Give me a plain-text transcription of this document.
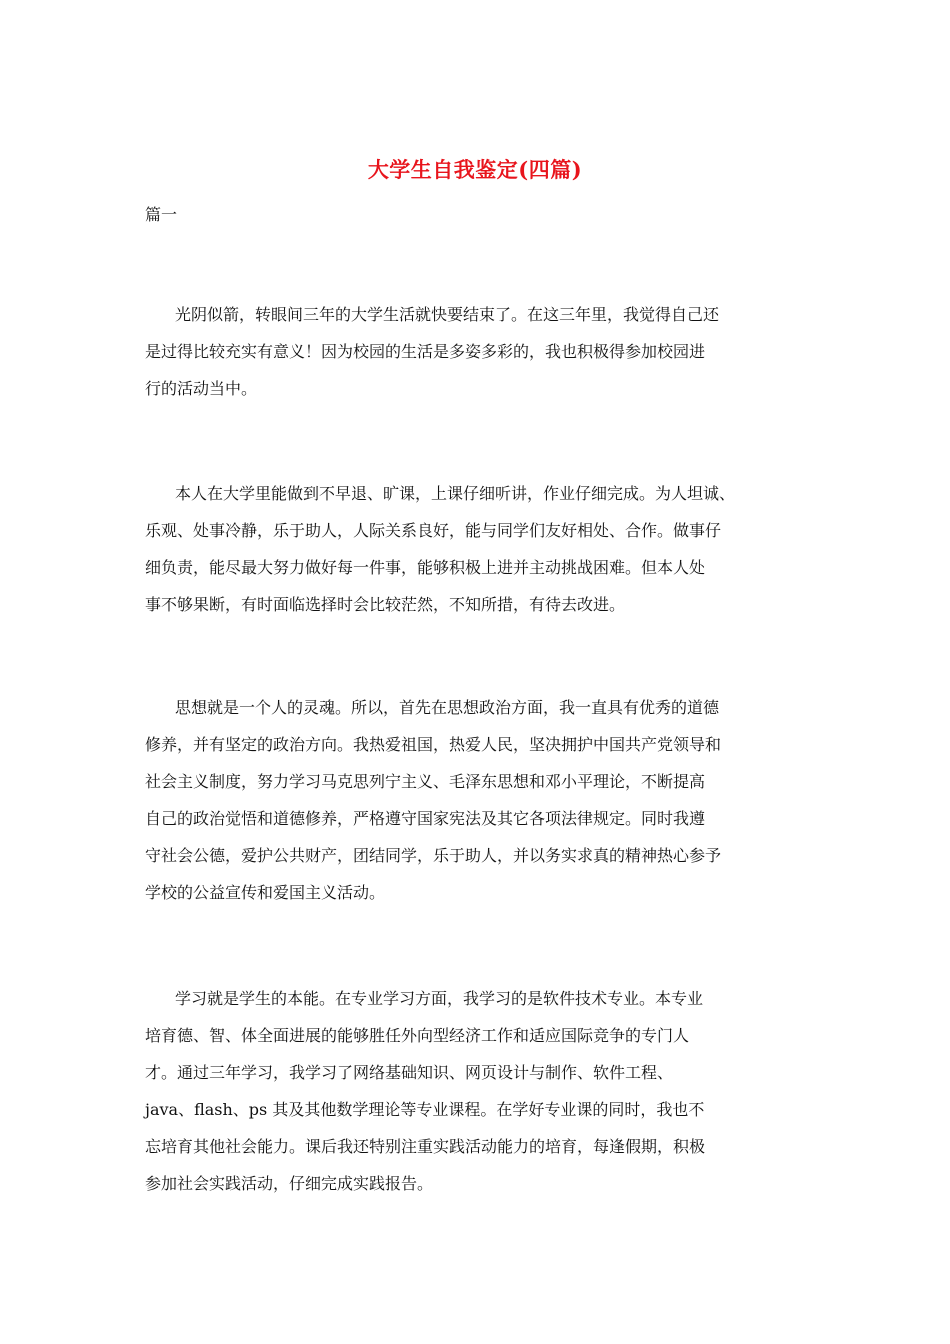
大学生自我鉴定(四篇)
篇一
光阴似箭，转眼间三年的大学生活就快要结束了。在这三年里，我觉得自己还
是过得比较充实有意义！因为校园的生活是多姿多彩的，我也积极得参加校园进
行的活动当中。
本人在大学里能做到不早退、旷课，上课仔细听讲，作业仔细完成。为人坦诚、
乐观、处事冷静，乐于助人，人际关系良好，能与同学们友好相处、合作。做事仔
细负责，能尽最大努力做好每一件事，能够积极上进并主动挑战困难。但本人处
事不够果断，有时面临选择时会比较茫然，不知所措，有待去改进。
思想就是一个人的灵魂。所以，首先在思想政治方面，我一直具有优秀的道德
修养，并有坚定的政治方向。我热爱祖国，热爱人民，坚决拥护中国共产党领导和
社会主义制度，努力学习马克思列宁主义、毛泽东思想和邓小平理论，不断提高
自己的政治觉悟和道德修养，严格遵守国家宪法及其它各项法律规定。同时我遵
守社会公德，爱护公共财产，团结同学，乐于助人，并以务实求真的精神热心参予
学校的公益宣传和爱国主义活动。
学习就是学生的本能。在专业学习方面，我学习的是软件技术专业。本专业
培育德、智、体全面进展的能够胜任外向型经济工作和适应国际竞争的专门人
才。通过三年学习，我学习了网络基础知识、网页设计与制作、软件工程、
java、flash、ps 其及其他数学理论等专业课程。在学好专业课的同时，我也不
忘培育其他社会能力。课后我还特别注重实践活动能力的培育，每逢假期，积极
参加社会实践活动，仔细完成实践报告。
